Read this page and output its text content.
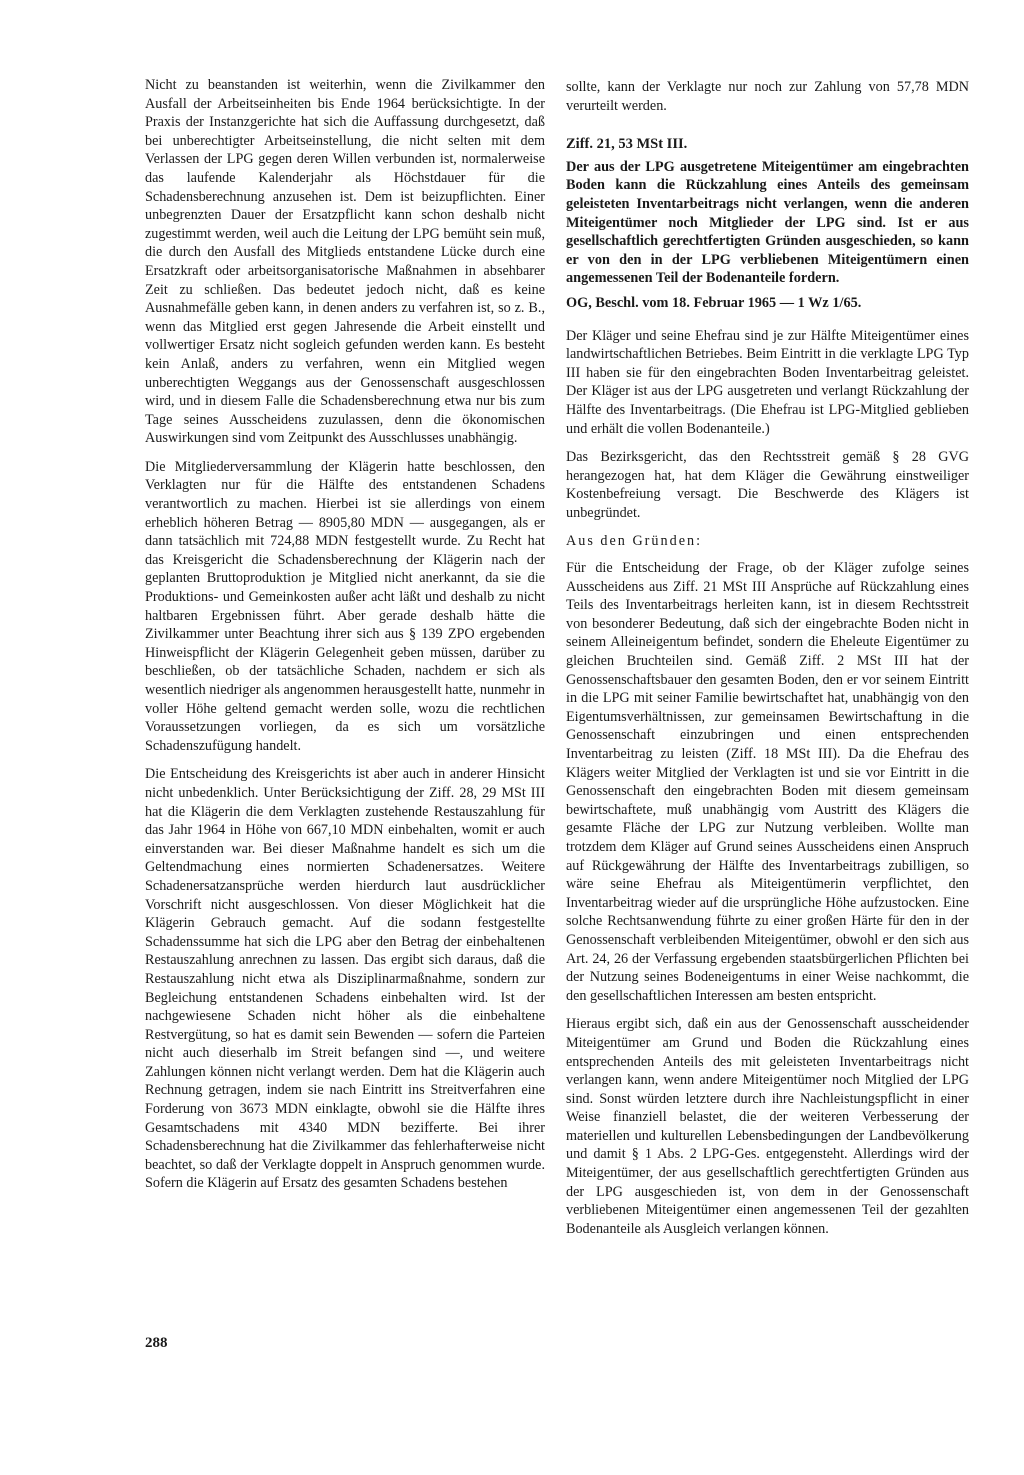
Nicht zu beanstanden ist weiterhin, wenn die Zivilkammer den Ausfall der Arbeitseinheiten bis Ende 1964 berücksichtigte. In der Praxis der Instanzgerichte hat sich die Auffassung durchgesetzt, daß bei unberechtigter Arbeitseinstellung, die nicht selten mit dem Verlassen der LPG gegen deren Willen verbunden ist, normalerweise das laufende Kalenderjahr als Höchstdauer für die Schadensberechnung anzusehen ist. Dem ist beizupflichten. Einer unbegrenzten Dauer der Ersatzpflicht kann schon deshalb nicht zugestimmt werden, weil auch die Leitung der LPG bemüht sein muß, die durch den Ausfall des Mitglieds entstandene Lücke durch eine Ersatzkraft oder arbeitsorganisatorische Maßnahmen in absehbarer Zeit zu schließen. Das bedeutet jedoch nicht, daß es keine Ausnahmefälle geben kann, in denen anders zu verfahren ist, so z. B., wenn das Mitglied erst gegen Jahresende die Arbeit einstellt und vollwertiger Ersatz nicht sogleich gefunden werden kann. Es besteht kein Anlaß, anders zu verfahren, wenn ein Mitglied wegen unberechtigten Weggangs aus der Genossenschaft ausgeschlossen wird, und in diesem Falle die Schadensberechnung etwa nur bis zum Tage seines Ausscheidens zuzulassen, denn die ökonomischen Auswirkungen sind vom Zeitpunkt des Ausschlusses unabhängig.

Die Mitgliederversammlung der Klägerin hatte beschlossen, den Verklagten nur für die Hälfte des entstandenen Schadens verantwortlich zu machen. Hierbei ist sie allerdings von einem erheblich höheren Betrag — 8905,80 MDN — ausgegangen, als er dann tatsächlich mit 724,88 MDN festgestellt wurde. Zu Recht hat das Kreisgericht die Schadensberechnung der Klägerin nach der geplanten Bruttoproduktion je Mitglied nicht anerkannt, da sie die Produktions- und Gemeinkosten außer acht läßt und deshalb zu nicht haltbaren Ergebnissen führt. Aber gerade deshalb hätte die Zivilkammer unter Beachtung ihrer sich aus § 139 ZPO ergebenden Hinweispflicht der Klägerin Gelegenheit geben müssen, darüber zu beschließen, ob der tatsächliche Schaden, nachdem er sich als wesentlich niedriger als angenommen herausgestellt hatte, nunmehr in voller Höhe geltend gemacht werden solle, wozu die rechtlichen Voraussetzungen vorliegen, da es sich um vorsätzliche Schadenszufügung handelt.

Die Entscheidung des Kreisgerichts ist aber auch in anderer Hinsicht nicht unbedenklich. Unter Berücksichtigung der Ziff. 28, 29 MSt III hat die Klägerin die dem Verklagten zustehende Restauszahlung für das Jahr 1964 in Höhe von 667,10 MDN einbehalten, womit er auch einverstanden war. Bei dieser Maßnahme handelt es sich um die Geltendmachung eines normierten Schadenersatzes. Weitere Schadenersatzansprüche werden hierdurch laut ausdrücklicher Vorschrift nicht ausgeschlossen. Von dieser Möglichkeit hat die Klägerin Gebrauch gemacht. Auf die sodann festgestellte Schadenssumme hat sich die LPG aber den Betrag der einbehaltenen Restauszahlung anrechnen zu lassen. Das ergibt sich daraus, daß die Restauszahlung nicht etwa als Disziplinarmaßnahme, sondern zur Begleichung entstandenen Schadens einbehalten wird. Ist der nachgewiesene Schaden nicht höher als die einbehaltene Restvergütung, so hat es damit sein Bewenden — sofern die Parteien nicht auch dieserhalb im Streit befangen sind —, und weitere Zahlungen können nicht verlangt werden. Dem hat die Klägerin auch Rechnung getragen, indem sie nach Eintritt ins Streitverfahren eine Forderung von 3673 MDN einklagte, obwohl sie die Hälfte ihres Gesamtschadens mit 4340 MDN bezifferte. Bei ihrer Schadensberechnung hat die Zivilkammer das fehlerhafterweise nicht beachtet, so daß der Verklagte doppelt in Anspruch genommen wurde. Sofern die Klägerin auf Ersatz des gesamten Schadens bestehen

sollte, kann der Verklagte nur noch zur Zahlung von 57,78 MDN verurteilt werden.

Ziff. 21, 53 MSt III.

Der aus der LPG ausgetretene Miteigentümer am eingebrachten Boden kann die Rückzahlung eines Anteils des gemeinsam geleisteten Inventarbeitrags nicht verlangen, wenn die anderen Miteigentümer noch Mitglieder der LPG sind. Ist er aus gesellschaftlich gerechtfertigten Gründen ausgeschieden, so kann er von den in der LPG verbliebenen Miteigentümern einen angemessenen Teil der Bodenanteile fordern.

OG, Beschl. vom 18. Februar 1965 — 1 Wz 1/65.

Der Kläger und seine Ehefrau sind je zur Hälfte Miteigentümer eines landwirtschaftlichen Betriebes. Beim Eintritt in die verklagte LPG Typ III haben sie für den eingebrachten Boden Inventarbeitrag geleistet. Der Kläger ist aus der LPG ausgetreten und verlangt Rückzahlung der Hälfte des Inventarbeitrags. (Die Ehefrau ist LPG-Mitglied geblieben und erhält die vollen Bodenanteile.)

Das Bezirksgericht, das den Rechtsstreit gemäß § 28 GVG herangezogen hat, hat dem Kläger die Gewährung einstweiliger Kostenbefreiung versagt. Die Beschwerde des Klägers ist unbegründet.

Aus den Gründen:

Für die Entscheidung der Frage, ob der Kläger zufolge seines Ausscheidens aus Ziff. 21 MSt III Ansprüche auf Rückzahlung eines Teils des Inventarbeitrags herleiten kann, ist in diesem Rechtsstreit von besonderer Bedeutung, daß sich der eingebrachte Boden nicht in seinem Alleineigentum befindet, sondern die Eheleute Eigentümer zu gleichen Bruchteilen sind. Gemäß Ziff. 2 MSt III hat der Genossenschaftsbauer den gesamten Boden, den er vor seinem Eintritt in die LPG mit seiner Familie bewirtschaftet hat, unabhängig von den Eigentumsverhältnissen, zur gemeinsamen Bewirtschaftung in die Genossenschaft einzubringen und einen entsprechenden Inventarbeitrag zu leisten (Ziff. 18 MSt III). Da die Ehefrau des Klägers weiter Mitglied der Verklagten ist und sie vor Eintritt in die Genossenschaft den eingebrachten Boden mit diesem gemeinsam bewirtschaftete, muß unabhängig vom Austritt des Klägers die gesamte Fläche der LPG zur Nutzung verbleiben. Wollte man trotzdem dem Kläger auf Grund seines Ausscheidens einen Anspruch auf Rückgewährung der Hälfte des Inventarbeitrags zubilligen, so wäre seine Ehefrau als Miteigentümerin verpflichtet, den Inventarbeitrag wieder auf die ursprüngliche Höhe aufzustocken. Eine solche Rechtsanwendung führte zu einer großen Härte für den in der Genossenschaft verbleibenden Miteigentümer, obwohl er den sich aus Art. 24, 26 der Verfassung ergebenden staatsbürgerlichen Pflichten bei der Nutzung seines Bodeneigentums in einer Weise nachkommt, die den gesellschaftlichen Interessen am besten entspricht.

Hieraus ergibt sich, daß ein aus der Genossenschaft ausscheidender Miteigentümer am Grund und Boden die Rückzahlung eines entsprechenden Anteils des mit geleisteten Inventarbeitrags nicht verlangen kann, wenn andere Miteigentümer noch Mitglied der LPG sind. Sonst würden letztere durch ihre Nachleistungspflicht in einer Weise finanziell belastet, die der weiteren Verbesserung der materiellen und kulturellen Lebensbedingungen der Landbevölkerung und damit § 1 Abs. 2 LPG-Ges. entgegensteht. Allerdings wird der Miteigentümer, der aus gesellschaftlich gerechtfertigten Gründen aus der LPG ausgeschieden ist, von dem in der Genossenschaft verbliebenen Miteigentümer einen angemessenen Teil der gezahlten Bodenanteile als Ausgleich verlangen können.

288
